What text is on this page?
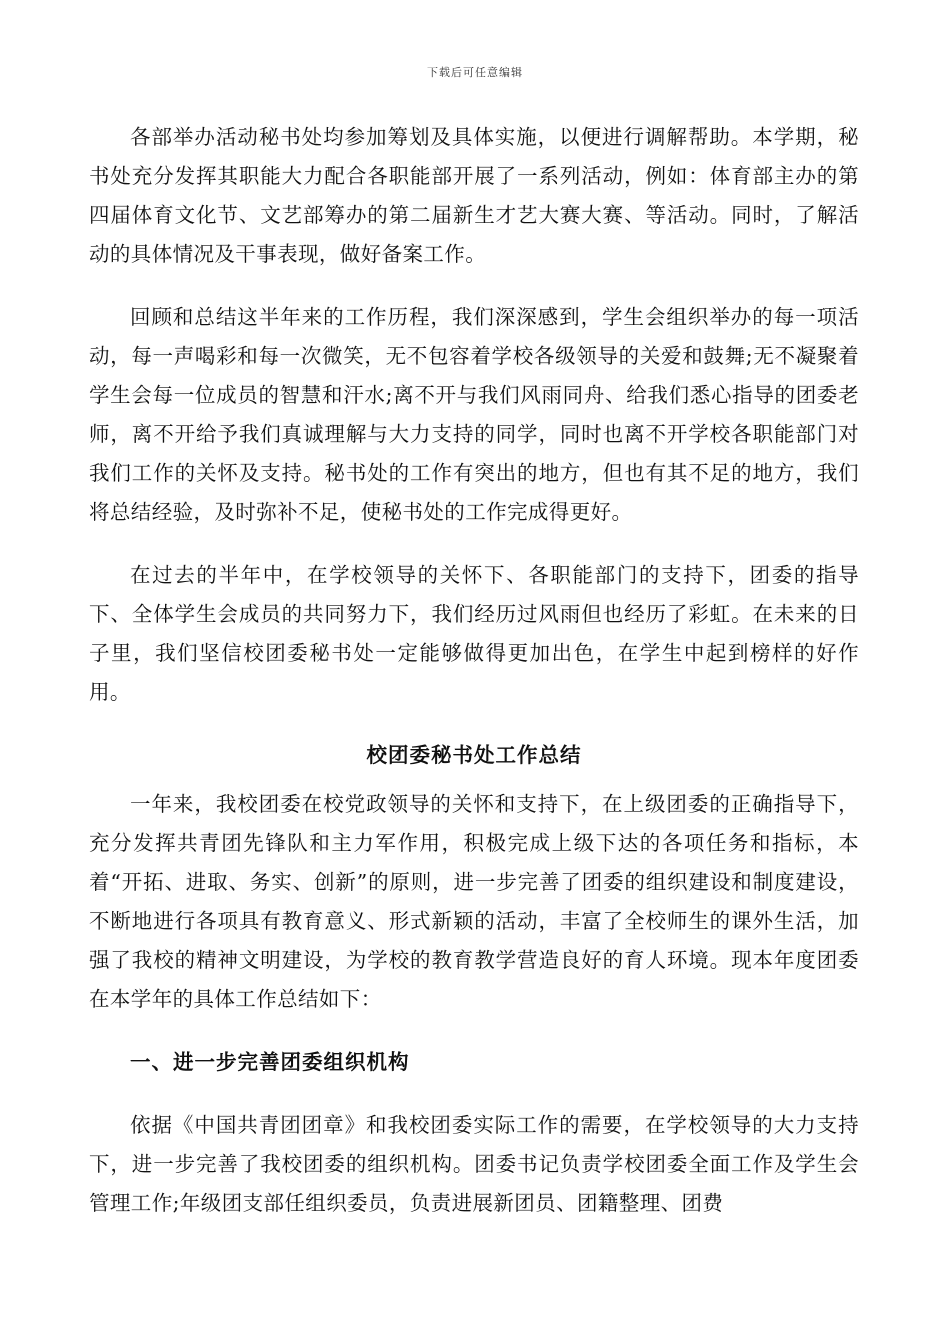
下载后可任意编辑

各部举办活动秘书处均参加筹划及具体实施，以便进行调解帮助。本学期，秘书处充分发挥其职能大力配合各职能部开展了一系列活动，例如：体育部主办的第四届体育文化节、文艺部筹办的第二届新生才艺大赛大赛、等活动。同时，了解活动的具体情况及干事表现，做好备案工作。

回顾和总结这半年来的工作历程，我们深深感到，学生会组织举办的每一项活动，每一声喝彩和每一次微笑，无不包容着学校各级领导的关爱和鼓舞;无不凝聚着学生会每一位成员的智慧和汗水;离不开与我们风雨同舟、给我们悉心指导的团委老师，离不开给予我们真诚理解与大力支持的同学，同时也离不开学校各职能部门对我们工作的关怀及支持。秘书处的工作有突出的地方，但也有其不足的地方，我们将总结经验，及时弥补不足，使秘书处的工作完成得更好。

在过去的半年中，在学校领导的关怀下、各职能部门的支持下，团委的指导下、全体学生会成员的共同努力下，我们经历过风雨但也经历了彩虹。在未来的日子里，我们坚信校团委秘书处一定能够做得更加出色，在学生中起到榜样的好作用。

校团委秘书处工作总结

一年来，我校团委在校党政领导的关怀和支持下，在上级团委的正确指导下，充分发挥共青团先锋队和主力军作用，积极完成上级下达的各项任务和指标，本着“开拓、进取、务实、创新”的原则，进一步完善了团委的组织建设和制度建设，不断地进行各项具有教育意义、形式新颖的活动，丰富了全校师生的课外生活，加强了我校的精神文明建设，为学校的教育教学营造良好的育人环境。现本年度团委在本学年的具体工作总结如下：

一、进一步完善团委组织机构

依据《中国共青团团章》和我校团委实际工作的需要，在学校领导的大力支持下，进一步完善了我校团委的组织机构。团委书记负责学校团委全面工作及学生会管理工作;年级团支部任组织委员，负责进展新团员、团籍整理、团费
